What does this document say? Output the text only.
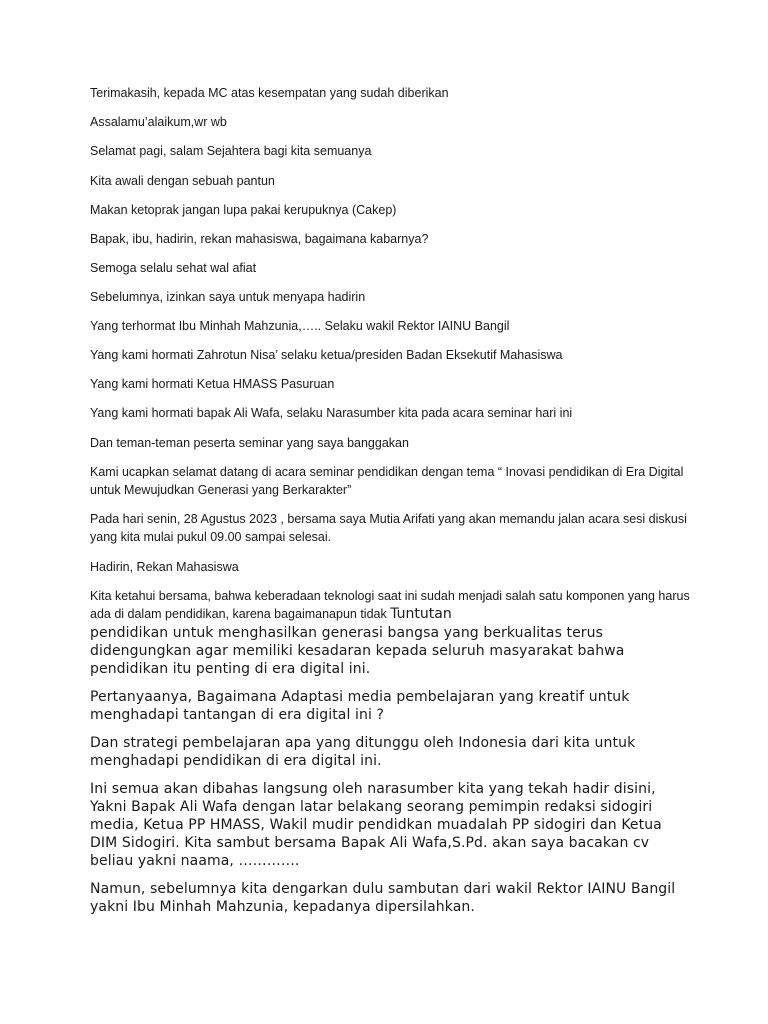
Terimakasih, kepada MC atas kesempatan yang sudah diberikan

Assalamu’alaikum,wr wb

Selamat pagi, salam Sejahtera bagi kita semuanya

Kita awali dengan sebuah pantun

Makan ketoprak jangan lupa pakai kerupuknya (Cakep)

Bapak, ibu, hadirin, rekan mahasiswa, bagaimana kabarnya?

Semoga selalu sehat wal afiat

Sebelumnya, izinkan saya untuk menyapa hadirin

Yang terhormat Ibu Minhah Mahzunia,….. Selaku wakil Rektor IAINU Bangil

Yang kami hormati Zahrotun Nisa’ selaku ketua/presiden Badan Eksekutif Mahasiswa

Yang kami hormati Ketua HMASS Pasuruan

Yang kami hormati bapak Ali Wafa, selaku Narasumber kita pada acara seminar hari ini

Dan teman-teman peserta seminar yang saya banggakan

Kami ucapkan selamat datang di acara seminar pendidikan dengan tema “ Inovasi pendidikan di Era Digital untuk Mewujudkan Generasi yang Berkarakter”

Pada hari senin, 28 Agustus 2023 , bersama saya Mutia Arifati yang akan memandu jalan acara sesi diskusi yang kita mulai pukul 09.00 sampai selesai.

Hadirin, Rekan Mahasiswa

Kita ketahui bersama, bahwa keberadaan teknologi saat ini sudah menjadi salah satu komponen yang harus ada di dalam pendidikan, karena bagaimanapun tidak Tuntutan

pendidikan untuk menghasilkan generasi bangsa yang berkualitas terus didengungkan agar memiliki kesadaran kepada seluruh masyarakat bahwa pendidikan itu penting di era digital ini.

Pertanyaanya, Bagaimana Adaptasi media pembelajaran yang kreatif untuk menghadapi tantangan di era digital ini ?

Dan strategi pembelajaran apa yang ditunggu oleh Indonesia dari kita untuk menghadapi pendidikan di era digital ini.

Ini semua akan dibahas langsung oleh narasumber kita yang tekah hadir disini, Yakni Bapak Ali Wafa dengan latar belakang seorang pemimpin redaksi sidogiri media, Ketua PP HMASS, Wakil mudir pendidkan muadalah PP sidogiri dan Ketua DIM Sidogiri. Kita sambut bersama Bapak Ali Wafa,S.Pd. akan saya bacakan cv beliau yakni naama, ………….

Namun, sebelumnya kita dengarkan dulu sambutan dari wakil Rektor IAINU Bangil yakni Ibu Minhah Mahzunia, kepadanya dipersilahkan.
